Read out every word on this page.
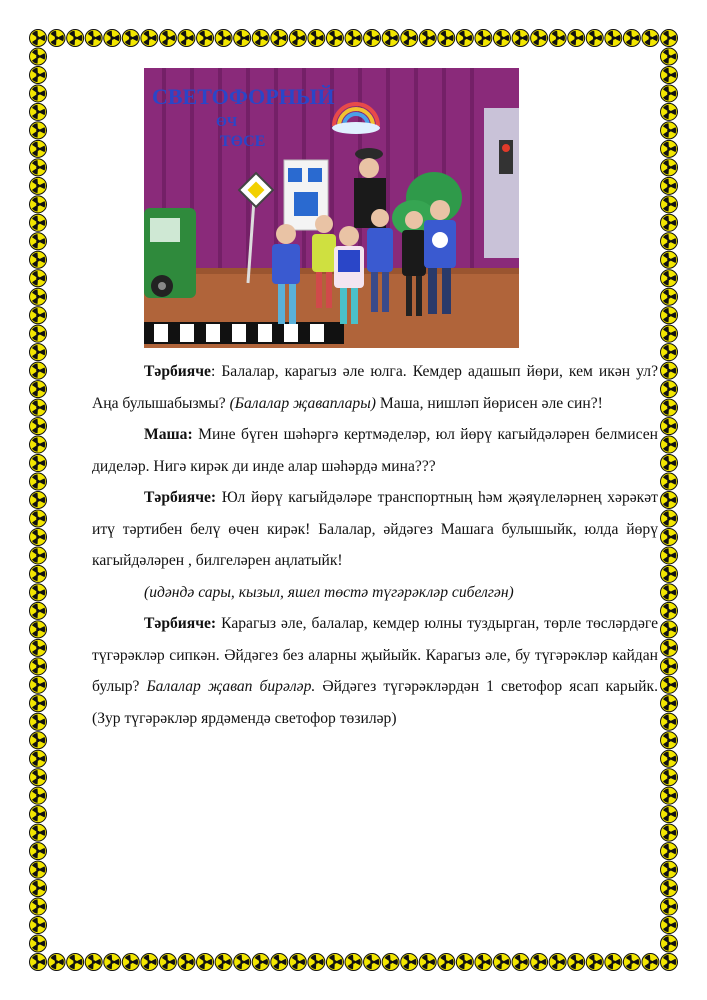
СВЕТОФОРНЫЙ
ӨЧ
ТӨСЕ

Тәрбияче: Балалар, карагыз әле юлга. Кемдер адашып йөри, кем икән ул? Аңа булышабызмы? (Балалар җаваплары) Маша, нишләп йөрисен әле син?!

Маша: Мине бүген шәһәргә кертмәделәр, юл йөрү кагыйдәләрен белмисен диделәр. Нигә кирәк ди инде алар шәһәрдә мина???

Тәрбияче: Юл йөрү кагыйдәләре транспортның һәм җәяүлеләрнең хәрәкәт итү тәртибен белү өчен кирәк! Балалар, әйдәгез Машага булышыйк, юлда йөрү кагыйдәләрен , билгеләрен аңлатыйк!

(идәндә сары, кызыл, яшел төстә түгәрәкләр сибелгән)

Тәрбияче: Карагыз әле, балалар, кемдер юлны туздырган, төрле төсләрдәге түгәрәкләр сипкән. Әйдәгез без аларны җыйыйк. Карагыз әле, бу түгәрәкләр кайдан булыр? Балалар җавап бирәләр. Әйдәгез түгәрәкләрдән 1 светофор ясап карыйк. (Зур түгәрәкләр ярдәмендә светофор төзиләр)
